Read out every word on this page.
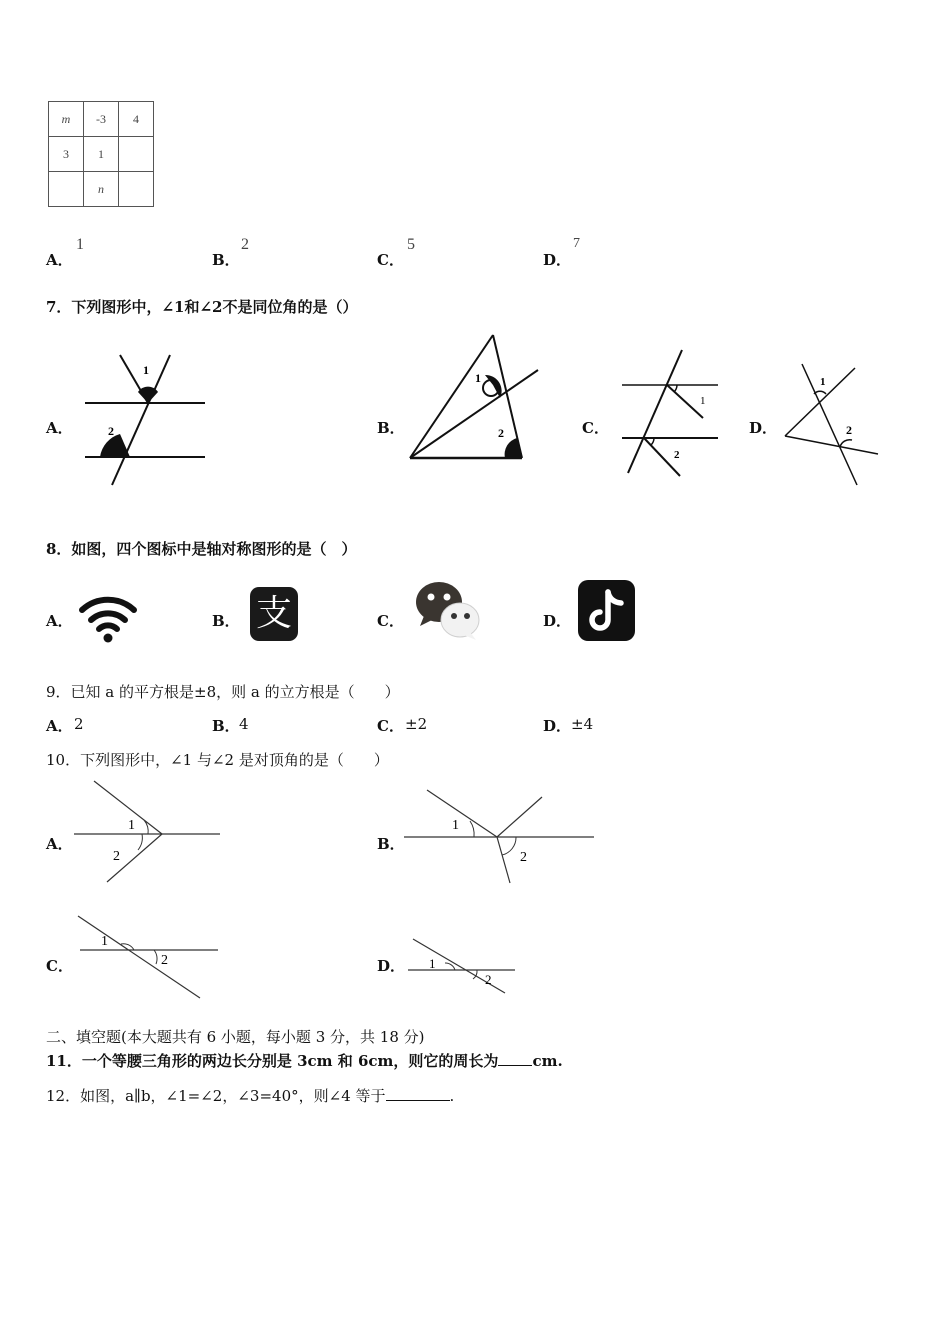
m	-3	4
3	1	
	n	
A．
1
B．
2
C．
5
D．
7
7．下列图形中，∠1和∠2不是同位角的是（）
A．
1
2	B．
1
2	C．
1
2
D．
1
2
8．如图，四个图标中是轴对称图形的是（　）
A．	B． 支	C．	D．
9．已知 a 的平方根是±8，则 a 的立方根是（　　）
A． 2	B． 4	C． ±2	D． ±4
10．下列图形中，∠1 与∠2 是对顶角的是（　　）
A．
1
2
B．
1
2
C．
1
2	D． 1
2
二、填空题(本大题共有 6 小题，每小题 3 分，共 18 分)
11．一个等腰三角形的两边长分别是 3cm 和 6cm，则它的周长为 cm.
12．如图，a∥b，∠1=∠2，∠3=40°，则∠4 等于	.
